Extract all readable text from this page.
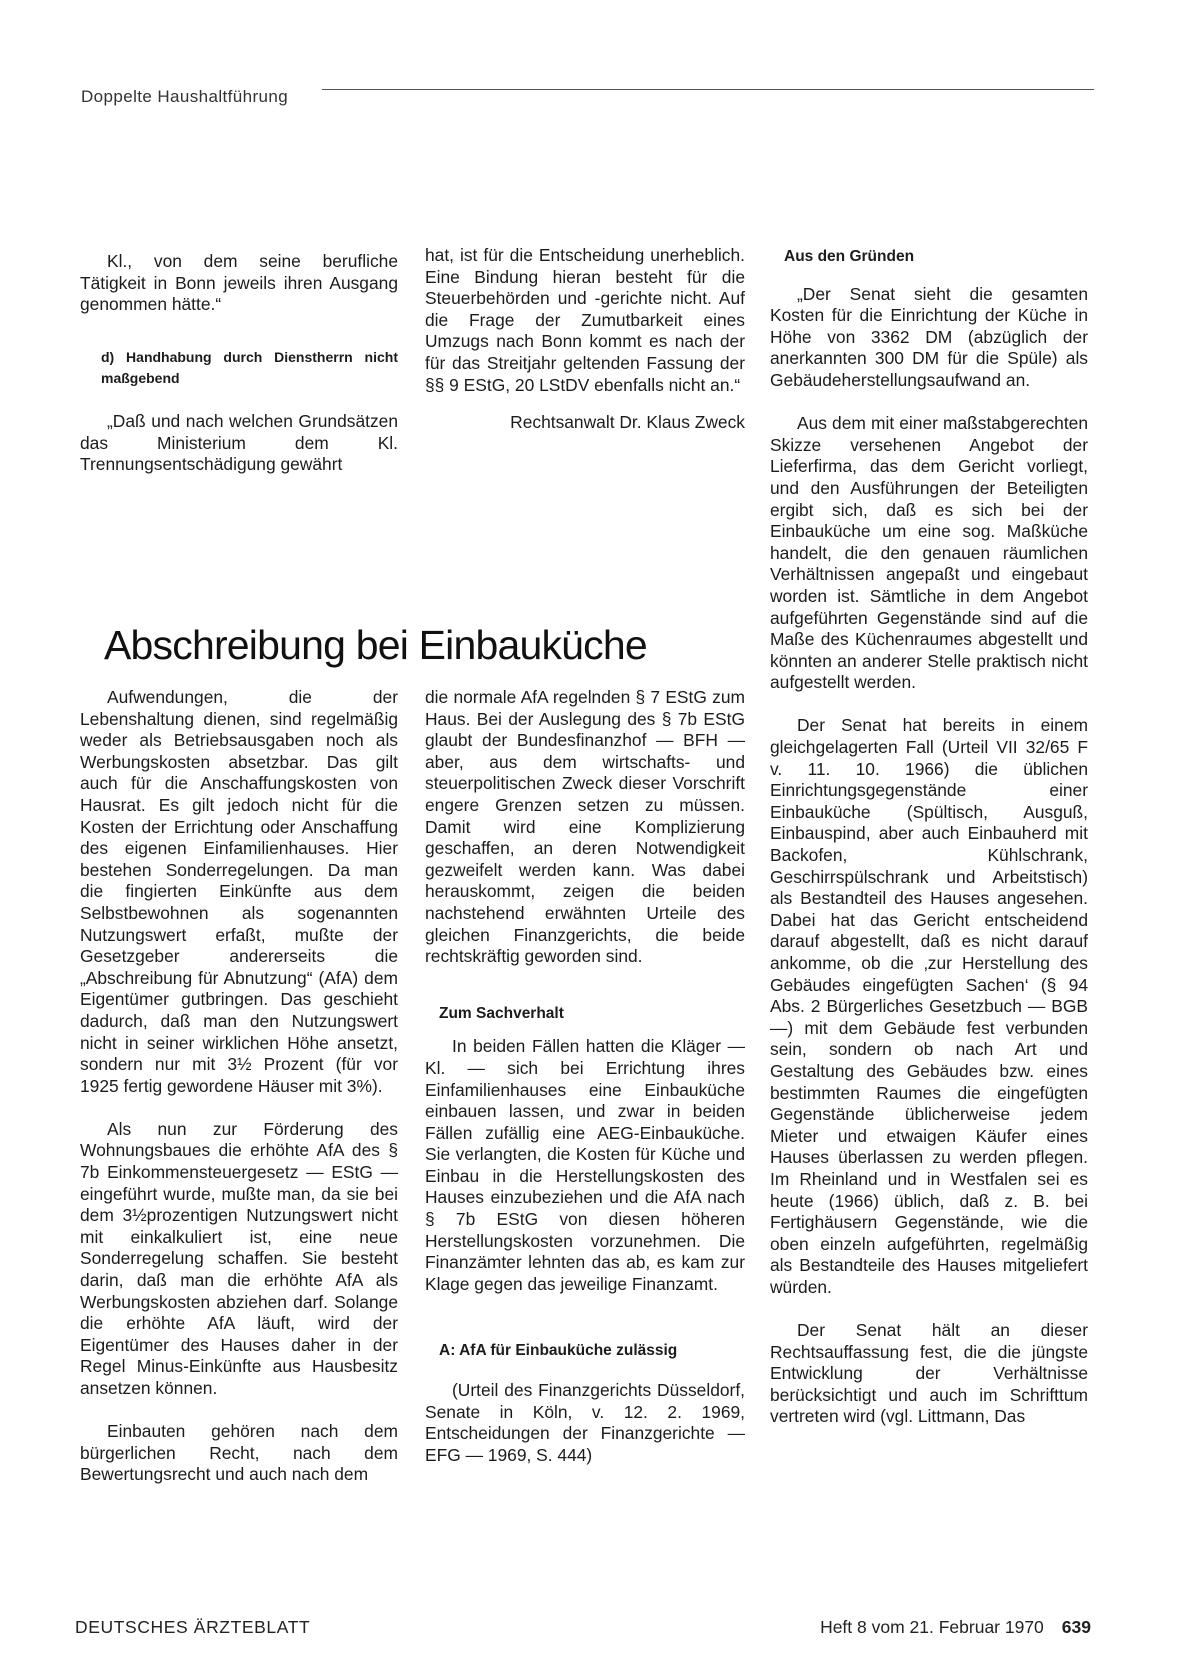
Doppelte Haushaltführung

Kl., von dem seine berufliche Tätigkeit in Bonn jeweils ihren Ausgang genommen hätte.“

d) Handhabung durch Dienstherrn nicht maßgebend

„Daß und nach welchen Grundsätzen das Ministerium dem Kl. Trennungsentschädigung gewährt

hat, ist für die Entscheidung unerheblich. Eine Bindung hieran besteht für die Steuerbehörden und -gerichte nicht. Auf die Frage der Zumutbarkeit eines Umzugs nach Bonn kommt es nach der für das Streitjahr geltenden Fassung der §§ 9 EStG, 20 LStDV ebenfalls nicht an.“

Rechtsanwalt Dr. Klaus Zweck

Abschreibung bei Einbauküche

Aufwendungen, die der Lebenshaltung dienen, sind regelmäßig weder als Betriebsausgaben noch als Werbungskosten absetzbar. Das gilt auch für die Anschaffungskosten von Hausrat. Es gilt jedoch nicht für die Kosten der Errichtung oder Anschaffung des eigenen Einfamilienhauses. Hier bestehen Sonderregelungen. Da man die fingierten Einkünfte aus dem Selbstbewohnen als sogenannten Nutzungswert erfaßt, mußte der Gesetzgeber andererseits die „Abschreibung für Abnutzung“ (AfA) dem Eigentümer gutbringen. Das geschieht dadurch, daß man den Nutzungswert nicht in seiner wirklichen Höhe ansetzt, sondern nur mit 3½ Prozent (für vor 1925 fertig gewordene Häuser mit 3%).

Als nun zur Förderung des Wohnungsbaues die erhöhte AfA des § 7b Einkommensteuergesetz — EStG — eingeführt wurde, mußte man, da sie bei dem 3½prozentigen Nutzungswert nicht mit einkalkuliert ist, eine neue Sonderregelung schaffen. Sie besteht darin, daß man die erhöhte AfA als Werbungskosten abziehen darf. Solange die erhöhte AfA läuft, wird der Eigentümer des Hauses daher in der Regel Minus-Einkünfte aus Hausbesitz ansetzen können.

Einbauten gehören nach dem bürgerlichen Recht, nach dem Bewertungsrecht und auch nach dem

die normale AfA regelnden § 7 EStG zum Haus. Bei der Auslegung des § 7b EStG glaubt der Bundesfinanzhof — BFH — aber, aus dem wirtschafts- und steuerpolitischen Zweck dieser Vorschrift engere Grenzen setzen zu müssen. Damit wird eine Komplizierung geschaffen, an deren Notwendigkeit gezweifelt werden kann. Was dabei herauskommt, zeigen die beiden nachstehend erwähnten Urteile des gleichen Finanzgerichts, die beide rechtskräftig geworden sind.

Zum Sachverhalt

In beiden Fällen hatten die Kläger — Kl. — sich bei Errichtung ihres Einfamilienhauses eine Einbauküche einbauen lassen, und zwar in beiden Fällen zufällig eine AEG-Einbauküche. Sie verlangten, die Kosten für Küche und Einbau in die Herstellungskosten des Hauses einzubeziehen und die AfA nach § 7b EStG von diesen höheren Herstellungskosten vorzunehmen. Die Finanzämter lehnten das ab, es kam zur Klage gegen das jeweilige Finanzamt.

A: AfA für Einbauküche zulässig

(Urteil des Finanzgerichts Düsseldorf, Senate in Köln, v. 12. 2. 1969, Entscheidungen der Finanzgerichte — EFG — 1969, S. 444)

Aus den Gründen

„Der Senat sieht die gesamten Kosten für die Einrichtung der Küche in Höhe von 3362 DM (abzüglich der anerkannten 300 DM für die Spüle) als Gebäudeherstellungsaufwand an.

Aus dem mit einer maßstabgerechten Skizze versehenen Angebot der Lieferfirma, das dem Gericht vorliegt, und den Ausführungen der Beteiligten ergibt sich, daß es sich bei der Einbauküche um eine sog. Maßküche handelt, die den genauen räumlichen Verhältnissen angepaßt und eingebaut worden ist. Sämtliche in dem Angebot aufgeführten Gegenstände sind auf die Maße des Küchenraumes abgestellt und könnten an anderer Stelle praktisch nicht aufgestellt werden.

Der Senat hat bereits in einem gleichgelagerten Fall (Urteil VII 32/65 F v. 11. 10. 1966) die üblichen Einrichtungsgegenstände einer Einbauküche (Spültisch, Ausguß, Einbauspind, aber auch Einbauherd mit Backofen, Kühlschrank, Geschirrspülschrank und Arbeitstisch) als Bestandteil des Hauses angesehen. Dabei hat das Gericht entscheidend darauf abgestellt, daß es nicht darauf ankomme, ob die ‚zur Herstellung des Gebäudes eingefügten Sachen‘ (§ 94 Abs. 2 Bürgerliches Gesetzbuch — BGB —) mit dem Gebäude fest verbunden sein, sondern ob nach Art und Gestaltung des Gebäudes bzw. eines bestimmten Raumes die eingefügten Gegenstände üblicherweise jedem Mieter und etwaigen Käufer eines Hauses überlassen zu werden pflegen. Im Rheinland und in Westfalen sei es heute (1966) üblich, daß z. B. bei Fertighäusern Gegenstände, wie die oben einzeln aufgeführten, regelmäßig als Bestandteile des Hauses mitgeliefert würden.

Der Senat hält an dieser Rechtsauffassung fest, die die jüngste Entwicklung der Verhältnisse berücksichtigt und auch im Schrifttum vertreten wird (vgl. Littmann, Das

DEUTSCHES ÄRZTEBLATT	Heft 8 vom 21. Februar 1970 639
